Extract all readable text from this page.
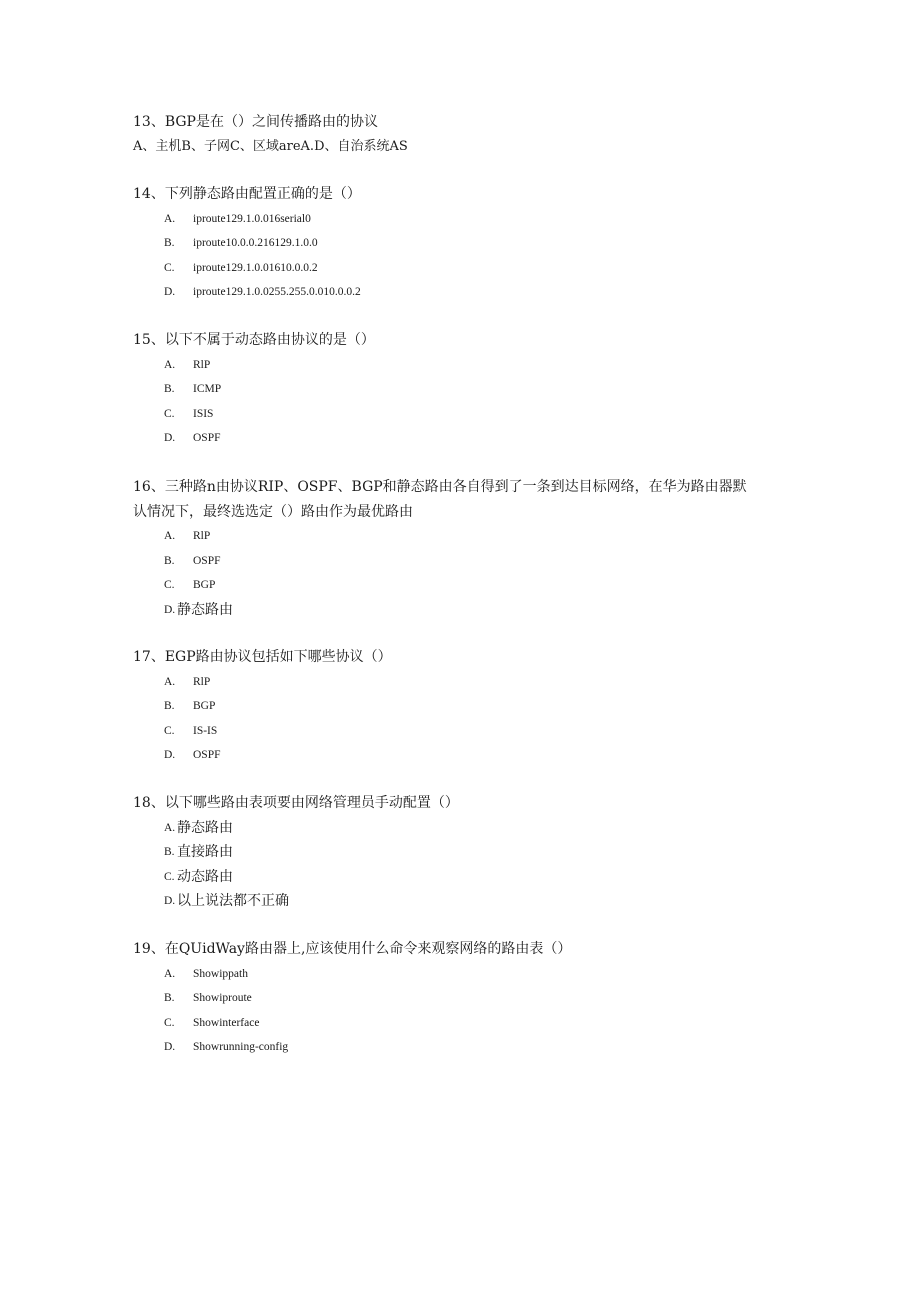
13、BGP是在（）之间传播路由的协议

A、主机B、子网C、区域areA.D、自治系统AS

14、下列静态路由配置正确的是（）

A. iproute129.1.0.016serial0
B. iproute10.0.0.216129.1.0.0
C. iproute129.1.0.01610.0.0.2
D. iproute129.1.0.0255.255.0.010.0.0.2

15、以下不属于动态路由协议的是（）

A. RlP
B. ICMP
C. ISIS
D. OSPF

16、三种路n由协议RIP、OSPF、BGP和静态路由各自得到了一条到达目标网络，在华为路由器默

认情况下，最终选选定（）路由作为最优路由

A. RlP
B. OSPF
C. BGP
D. 静态路由

17、EGP路由协议包括如下哪些协议（）

A. RlP
B. BGP
C. IS-IS
D. OSPF

18、以下哪些路由表项要由网络管理员手动配置（）

A. 静态路由
B. 直接路由
C. 动态路由
D. 以上说法都不正确

19、在QUidWay路由器上,应该使用什么命令来观察网络的路由表（）

A. Showippath
B. Showiproute
C. Showinterface
D. Showrunning-config
